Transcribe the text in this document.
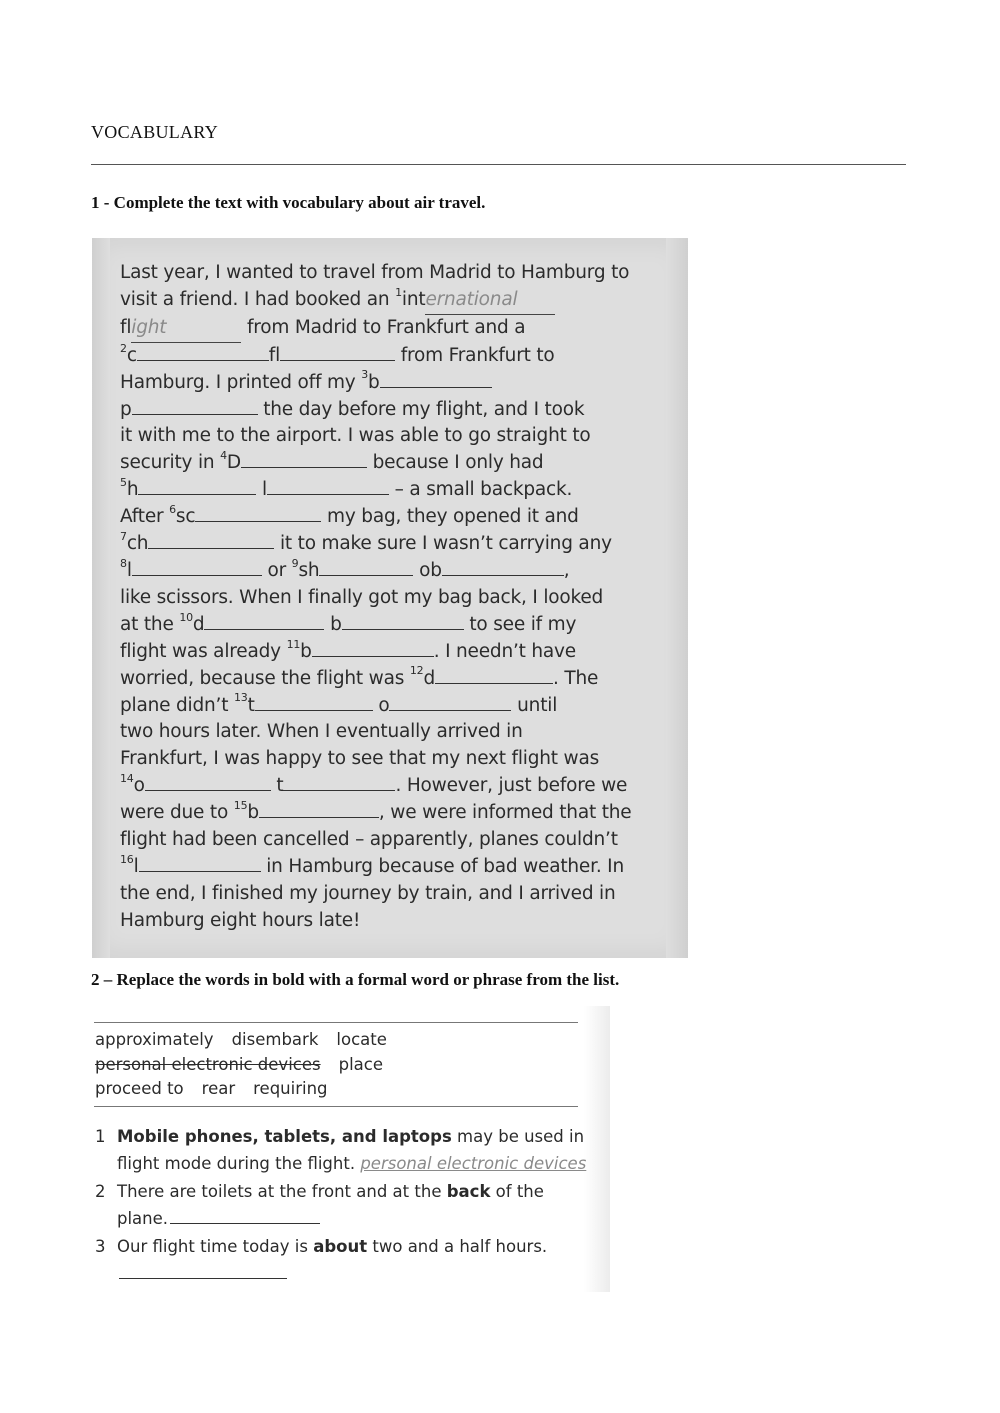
VOCABULARY
1 - Complete the text with vocabulary about air travel.
Last year, I wanted to travel from Madrid to Hamburg to
visit a friend. I had booked an $^1$international
flight	from Madrid to Frankfurt and a
$^2$c	fl	from Frankfurt to
Hamburg. I printed off my $^3$b
p	the day before my flight, and I took
it with me to the airport. I was able to go straight to
security in $^4$D	because I only had
$^5$h	l	– a small backpack.
After $^6$sc	my bag, they opened it and
$^7$ch	it to make sure I wasn’t carrying any
$^8$l	or $^9$sh	ob	,
like scissors. When I finally got my bag back, I looked
at the $^{10}$d	b	to see if my
flight was already $^{11}$b	. I needn’t have
worried, because the flight was $^{12}$d	. The
plane didn’t $^{13}$t	o	until
two hours later. When I eventually arrived in
Frankfurt, I was happy to see that my next flight was
$^{14}$o	t	. However, just before we
were due to $^{15}$b	, we were informed that the
flight had been cancelled – apparently, planes couldn’t
$^{16}$l	in Hamburg because of bad weather. In
the end, I finished my journey by train, and I arrived in
Hamburg eight hours late!
2 – Replace the words in bold with a formal word or phrase from the list.
approximately disembark locate
personal electronic devices place
proceed to rear requiring
1 Mobile phones, tablets, and laptops may be used in
flight mode during the flight. personal electronic devices
2 There are toilets at the front and at the back of the
plane.
3 Our flight time today is about two and a half hours.
